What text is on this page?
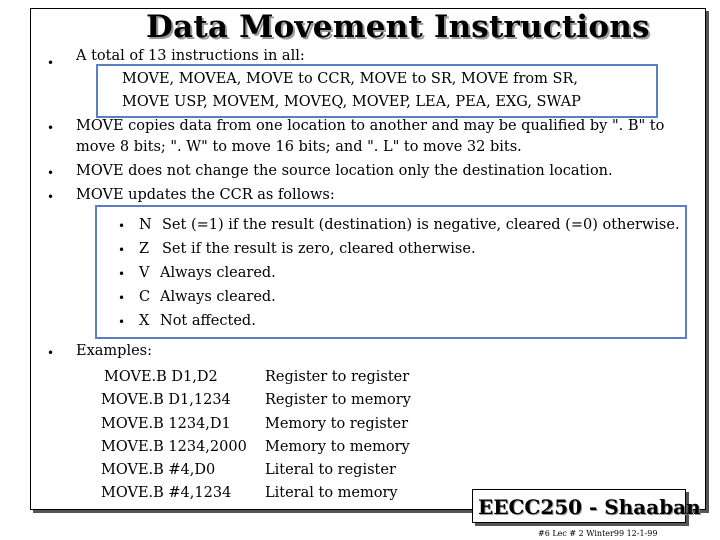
Data Movement Instructions
• A total of 13 instructions in all:
MOVE, MOVEA, MOVE to CCR, MOVE to SR, MOVE from SR,
MOVE USP, MOVEM, MOVEQ, MOVEP, LEA, PEA, EXG, SWAP
• MOVE copies data from one location to another and may be qualified by ". B" to
move 8 bits; ". W" to move 16 bits; and ". L" to move 32 bits.
• MOVE does not change the source location only the destination location.
• MOVE updates the CCR as follows:
• N Set (=1) if the result (destination) is negative, cleared (=0) otherwise.
• Z Set if the result is zero, cleared otherwise.
• V Always cleared.
• C Always cleared.
• X Not affected.
• Examples:
MOVE.B D1,D2	Register to register
MOVE.B D1,1234 Register to memory
MOVE.B 1234,D1 Memory to register
MOVE.B 1234,2000 Memory to memory
MOVE.B #4,D0	Literal to register
MOVE.B #4,1234 Literal to memory
EECC250 - Shaaban
#6 Lec # 2 Winter99 12-1-99
